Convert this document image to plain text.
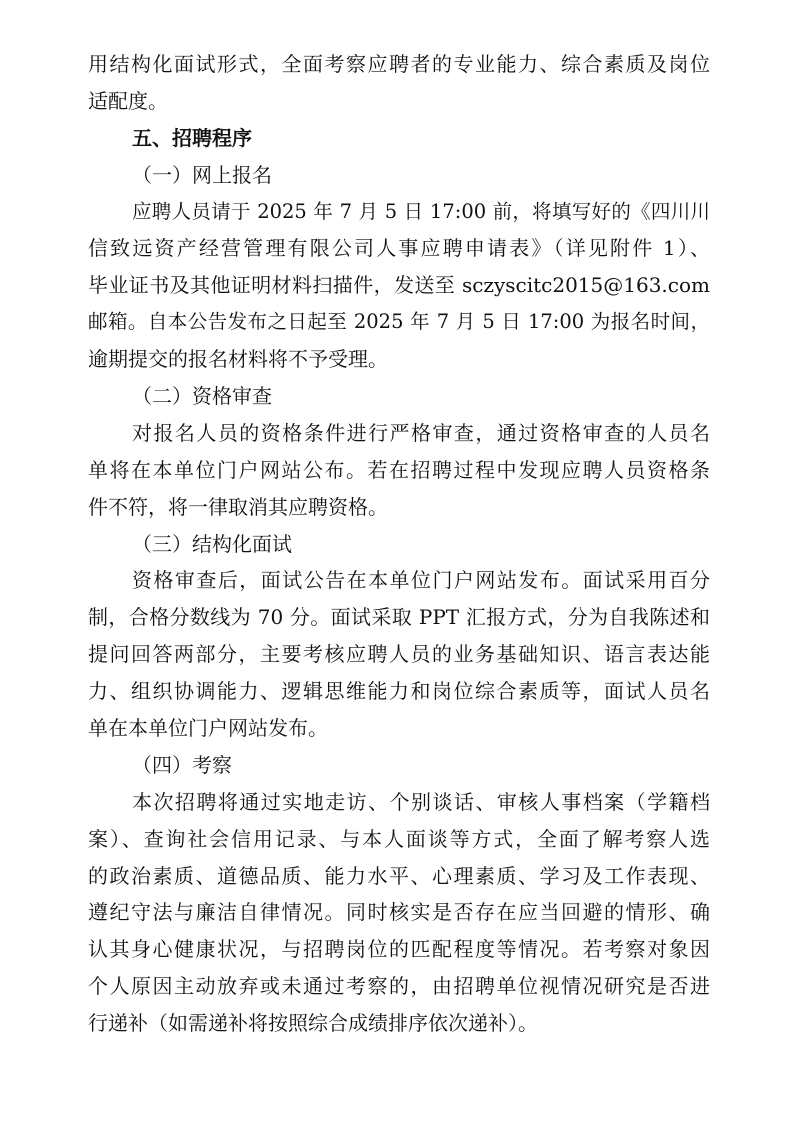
用结构化面试形式，全面考察应聘者的专业能力、综合素质及岗位
适配度。
五、招聘程序
（一）网上报名
应聘人员请于 2025 年 7 月 5 日 17:00 前，将填写好的《四川川
信致远资产经营管理有限公司人事应聘申请表》（详见附件 1）、
毕业证书及其他证明材料扫描件，发送至 sczyscitc2015@163.com
邮箱。自本公告发布之日起至 2025 年 7 月 5 日 17:00 为报名时间，
逾期提交的报名材料将不予受理。
（二）资格审查
对报名人员的资格条件进行严格审查，通过资格审查的人员名
单将在本单位门户网站公布。若在招聘过程中发现应聘人员资格条
件不符，将一律取消其应聘资格。
（三）结构化面试
资格审查后，面试公告在本单位门户网站发布。面试采用百分
制，合格分数线为 70 分。面试采取 PPT 汇报方式，分为自我陈述和
提问回答两部分，主要考核应聘人员的业务基础知识、语言表达能
力、组织协调能力、逻辑思维能力和岗位综合素质等，面试人员名
单在本单位门户网站发布。
（四）考察
本次招聘将通过实地走访、个别谈话、审核人事档案（学籍档
案）、查询社会信用记录、与本人面谈等方式，全面了解考察人选
的政治素质、道德品质、能力水平、心理素质、学习及工作表现、
遵纪守法与廉洁自律情况。同时核实是否存在应当回避的情形、确
认其身心健康状况，与招聘岗位的匹配程度等情况。若考察对象因
个人原因主动放弃或未通过考察的，由招聘单位视情况研究是否进
行递补（如需递补将按照综合成绩排序依次递补）。
